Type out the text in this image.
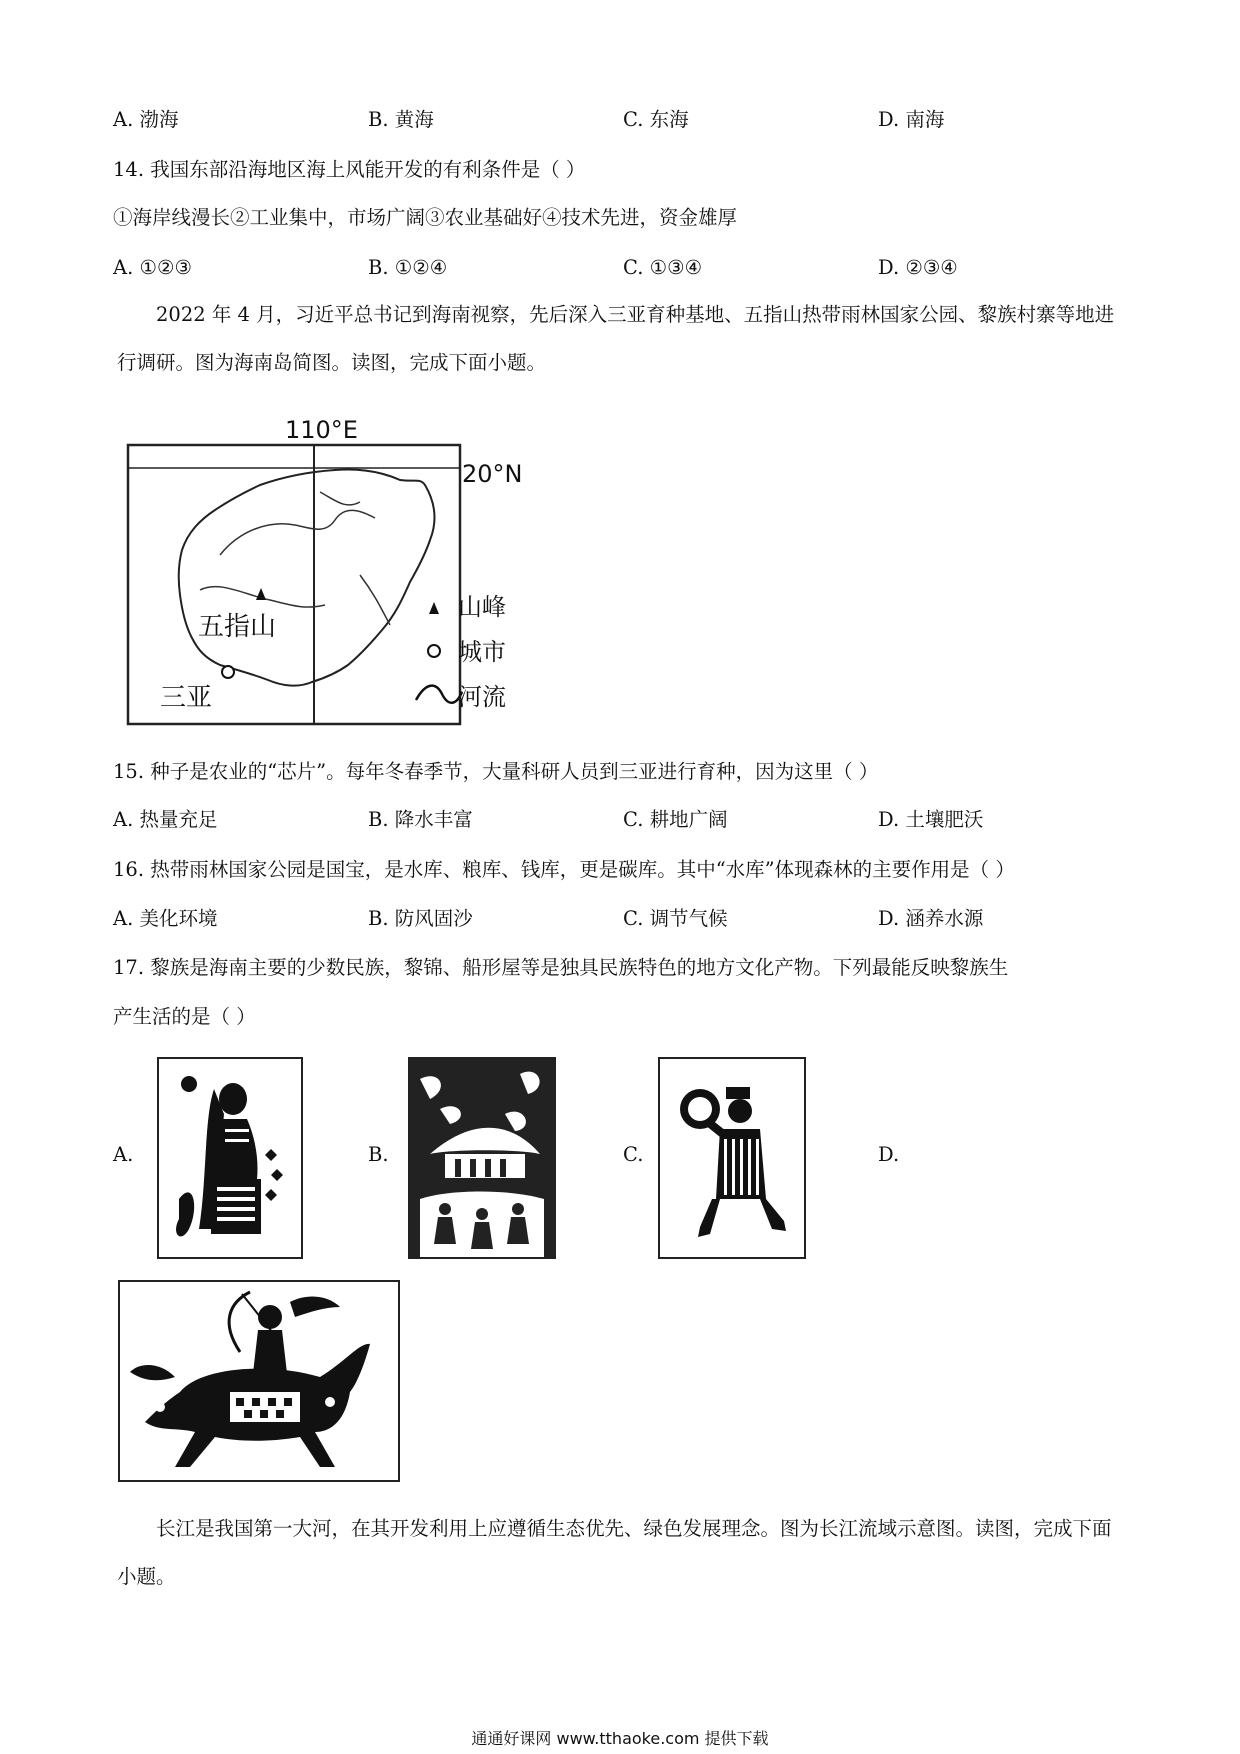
A. 渤海	B. 黄海	C. 东海	D. 南海
14. 我国东部沿海地区海上风能开发的有利条件是（ ）
①海岸线漫长②工业集中，市场广阔③农业基础好④技术先进，资金雄厚
A. ①②③	B. ①②④	C. ①③④	D. ②③④

2022 年 4 月，习近平总书记到海南视察，先后深入三亚育种基地、五指山热带雨林国家公园、黎族村寨等地进行调研。图为海南岛简图。读图，完成下面小题。

110°E
20°N
五指山
三亚
山峰
城市
河流
15. 种子是农业的“芯片”。每年冬春季节，大量科研人员到三亚进行育种，因为这里（ ）
A. 热量充足	B. 降水丰富	C. 耕地广阔	D. 土壤肥沃
16. 热带雨林国家公园是国宝，是水库、粮库、钱库，更是碳库。其中“水库”体现森林的主要作用是（ ）
A. 美化环境	B. 防风固沙	C. 调节气候	D. 涵养水源
17. 黎族是海南主要的少数民族，黎锦、船形屋等是独具民族特色的地方文化产物。下列最能反映黎族生
产生活的是（ ）
A.	B.	C.	D.

长江是我国第一大河，在其开发利用上应遵循生态优先、绿色发展理念。图为长江流域示意图。读图，完成下面小题。

通通好课网 www.tthaoke.com 提供下载
